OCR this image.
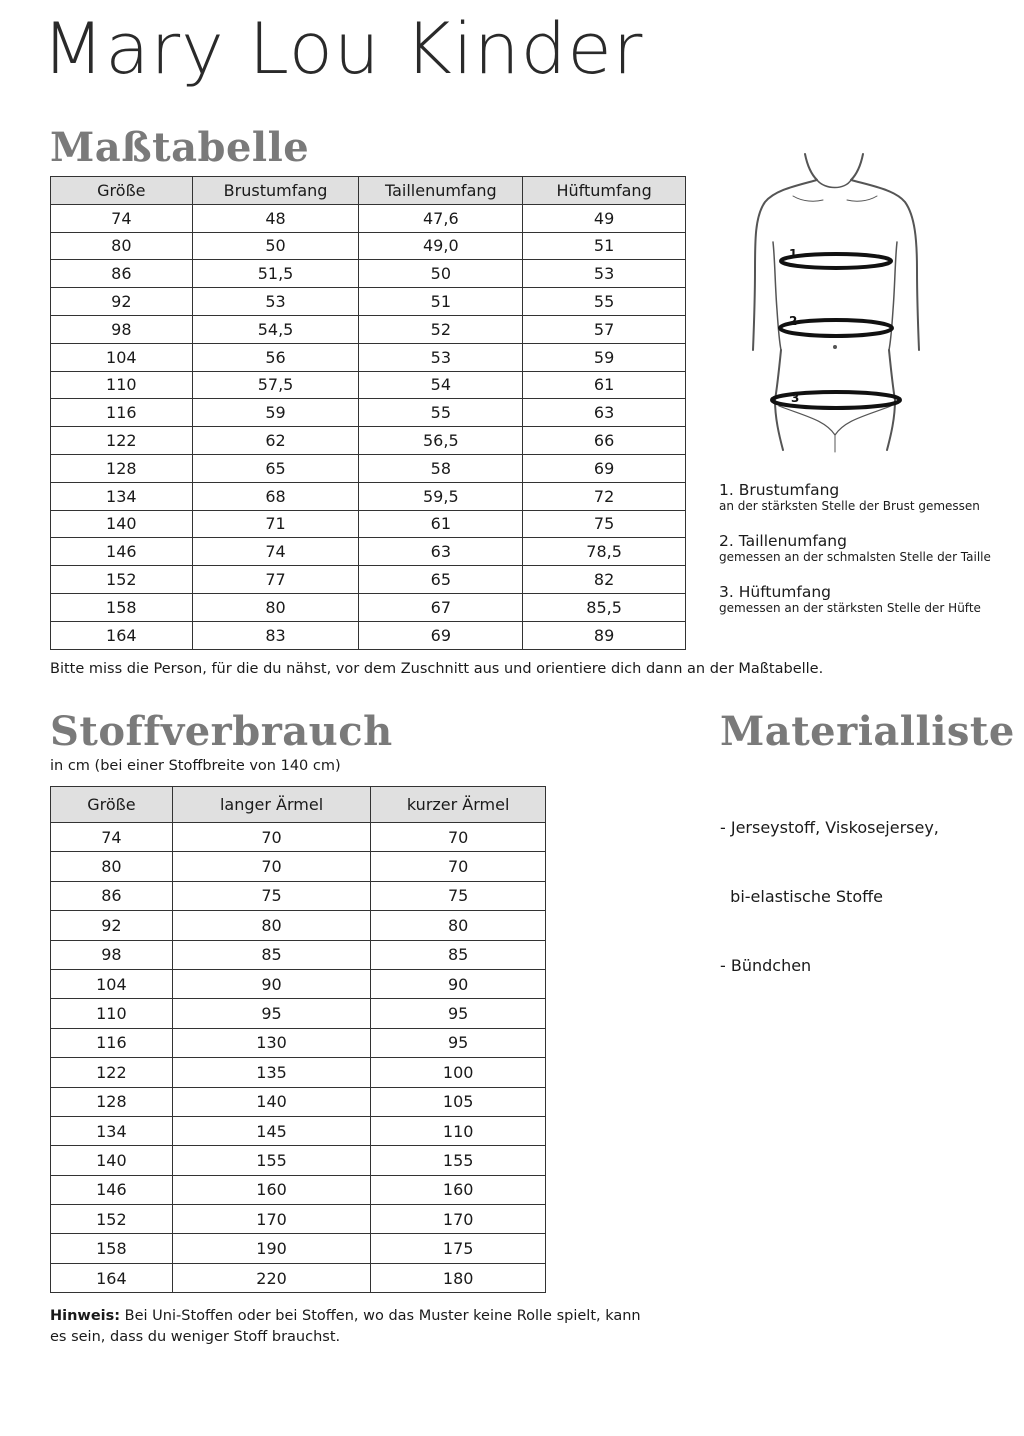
Mary Lou Kinder
Maßtabelle
Größe	Brustumfang	Taillenumfang	Hüftumfang
74	48	47,6	49
80	50	49,0	51
86	51,5	50	53
92	53	51	55
98	54,5	52	57
104	56	53	59
110	57,5	54	61
116	59	55	63
122	62	56,5	66
128	65	58	69
134	68	59,5	72
140	71	61	75
146	74	63	78,5
152	77	65	82
158	80	67	85,5
164	83	69	89
Bitte miss die Person, für die du nähst, vor dem Zuschnitt aus und orientiere dich dann an der Maßtabelle.
1
2
3
1. Brustumfang
an der stärksten Stelle der Brust gemessen
2. Taillenumfang
gemessen an der schmalsten Stelle der Taille
3. Hüftumfang
gemessen an der stärksten Stelle der Hüfte
Stoffverbrauch
in cm (bei einer Stoffbreite von 140 cm)
Größe	langer Ärmel	kurzer Ärmel
74	70	70
80	70	70
86	75	75
92	80	80
98	85	85
104	90	90
110	95	95
116	130	95
122	135	100
128	140	105
134	145	110
140	155	155
146	160	160
152	170	170
158	190	175
164	220	180
Hinweis: Bei Uni-Stoffen oder bei Stoffen, wo das Muster keine Rolle spielt, kann
es sein, dass du weniger Stoff brauchst.
Materialliste

- Jerseystoff, Viskosejersey,

bi-elastische Stoffe

- Bündchen
